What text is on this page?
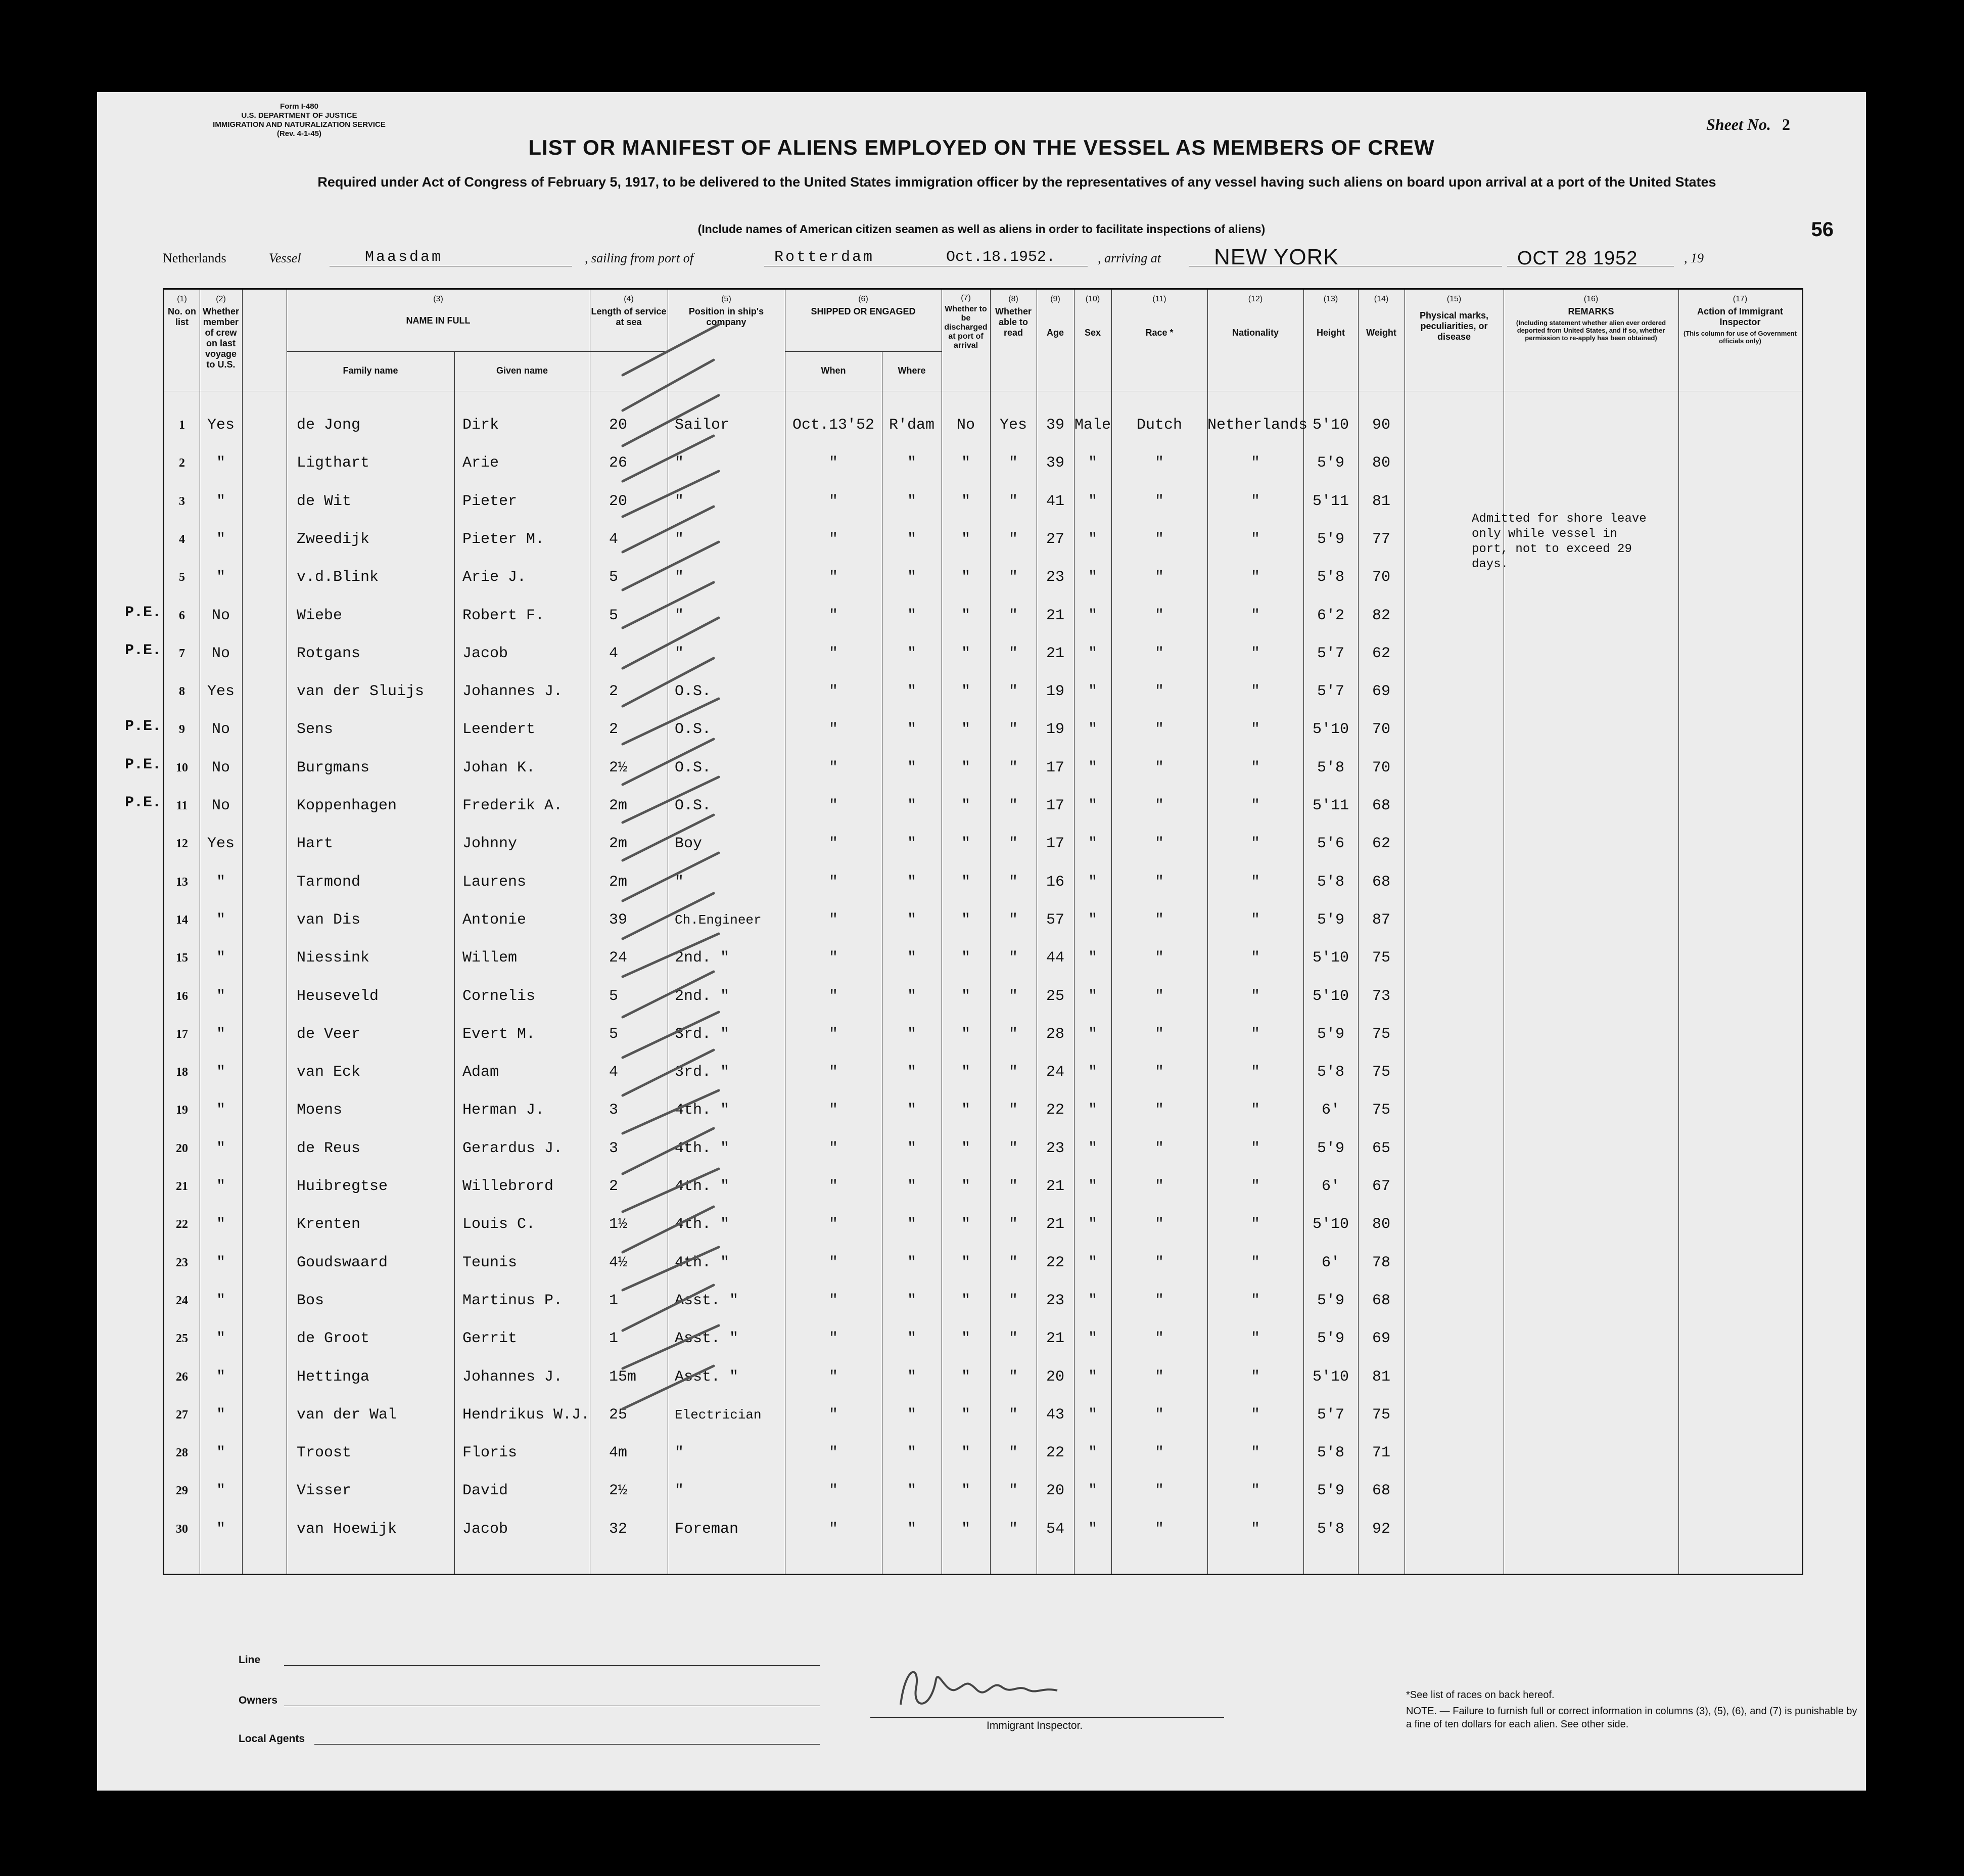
Form I-480
U.S. DEPARTMENT OF JUSTICE
IMMIGRATION AND NATURALIZATION SERVICE
(Rev. 4-1-45)
Sheet No. 2
LIST OR MANIFEST OF ALIENS EMPLOYED ON THE VESSEL AS MEMBERS OF CREW
Required under Act of Congress of February 5, 1917, to be delivered to the United States immigration officer by the representatives of any vessel having such aliens on board upon arrival at a port of the United States
(Include names of American citizen seamen as well as aliens in order to facilitate inspections of aliens)	56
Netherlands	Vessel	Maasdam	, sailing from port of	Rotterdam	Oct.18.1952.	, arriving at NEW YORK	OCT 28 1952	, 19
(1)
No. on list
(2)
Whether member of crew on last voyage to U.S.
(3)
NAME IN FULL
Family name	Given name
(4)
Length of service at sea
(5)
Position in ship's company
(6)
SHIPPED OR ENGAGED
When	Where
(7)
Whether to be discharged at port of arrival
(8)
Whether able to read
(9)
Age
(10)
Sex
(11)
Race *
(12)
Nationality
(13)
Height
(14)
Weight
(15)
Physical marks, peculiarities, or disease
(16)
REMARKS
(Including statement whether alien ever ordered deported from United States, and if so, whether permission to re-apply has been obtained)
(17)
Action of Immigrant Inspector
(This column for use of Government officials only)
1	Yes	de Jong	Dirk	20	Sailor	Oct.13'52 R'dam	No	Yes	39 Male	Dutch	Netherlands 5'10	90
2	"	Ligthart	Arie	26	"	"	"	"	"	39	"	"	"	5'9	80
3	"	de Wit	Pieter	20	"	"	"	"	"	41	"	"	"	5'11	81
4	"	Zweedijk	Pieter M.	4	"	"	"	"	"	27	"	"	"	5'9	77
5	"	v.d.Blink	Arie J.	5	"	"	"	"	"	23	"	"	"	5'8	70
6	No	Wiebe	Robert F.	5	"	"	"	"	"	21	"	"	"	6'2	82
7	No	Rotgans	Jacob	4	"	"	"	"	"	21	"	"	"	5'7	62
8	Yes	van der Sluijs	Johannes J.	2	O.S.	"	"	"	"	19	"	"	"	5'7	69
9	No	Sens	Leendert	2	O.S.	"	"	"	"	19	"	"	"	5'10	70
10	No	Burgmans	Johan K.	2½	O.S.	"	"	"	"	17	"	"	"	5'8	70
11	No	Koppenhagen	Frederik A.	2m	O.S.	"	"	"	"	17	"	"	"	5'11	68
12	Yes	Hart	Johnny	2m	Boy	"	"	"	"	17	"	"	"	5'6	62
13	"	Tarmond	Laurens	2m	"	"	"	"	"	16	"	"	"	5'8	68
14	"	van Dis	Antonie	39	Ch.Engineer	"	"	"	"	57	"	"	"	5'9	87
15	"	Niessink	Willem	24	2nd. "	"	"	"	"	44	"	"	"	5'10	75
16	"	Heuseveld	Cornelis	5	2nd. "	"	"	"	"	25	"	"	"	5'10	73
17	"	de Veer	Evert M.	5	3rd. "	"	"	"	"	28	"	"	"	5'9	75
18	"	van Eck	Adam	4	3rd. "	"	"	"	"	24	"	"	"	5'8	75
19	"	Moens	Herman J.	3	4th. "	"	"	"	"	22	"	"	"	6'	75
20	"	de Reus	Gerardus J.	3	4th. "	"	"	"	"	23	"	"	"	5'9	65
21	"	Huibregtse	Willebrord	2	4th. "	"	"	"	"	21	"	"	"	6'	67
22	"	Krenten	Louis C.	1½	4th. "	"	"	"	"	21	"	"	"	5'10	80
23	"	Goudswaard	Teunis	4½	4th. "	"	"	"	"	22	"	"	"	6'	78
24	"	Bos	Martinus P.	1	Asst. "	"	"	"	"	23	"	"	"	5'9	68
25	"	de Groot	Gerrit	1	Asst. "	"	"	"	"	21	"	"	"	5'9	69
26	"	Hettinga	Johannes J.	15m	Asst. "	"	"	"	"	20	"	"	"	5'10	81
27	"	van der Wal	Hendrikus W.J. 25	Electrician	"	"	"	"	43	"	"	"	5'7	75
28	"	Troost	Floris	4m	"	"	"	"	"	22	"	"	"	5'8	71
29	"	Visser	David	2½	"	"	"	"	"	20	"	"	"	5'9	68
30	"	van Hoewijk	Jacob	32	Foreman	"	"	"	"	54	"	"	"	5'8	92
P.E.
P.E.
P.E.
P.E.
P.E.
Admitted for shore leave only while vessel in port, not to exceed 29 days.
Line
Owners
Local Agents
Immigrant Inspector.
*See list of races on back hereof.
NOTE. — Failure to furnish full or correct information in columns (3), (5), (6), and (7) is punishable by a fine of ten dollars for each alien. See other side.
